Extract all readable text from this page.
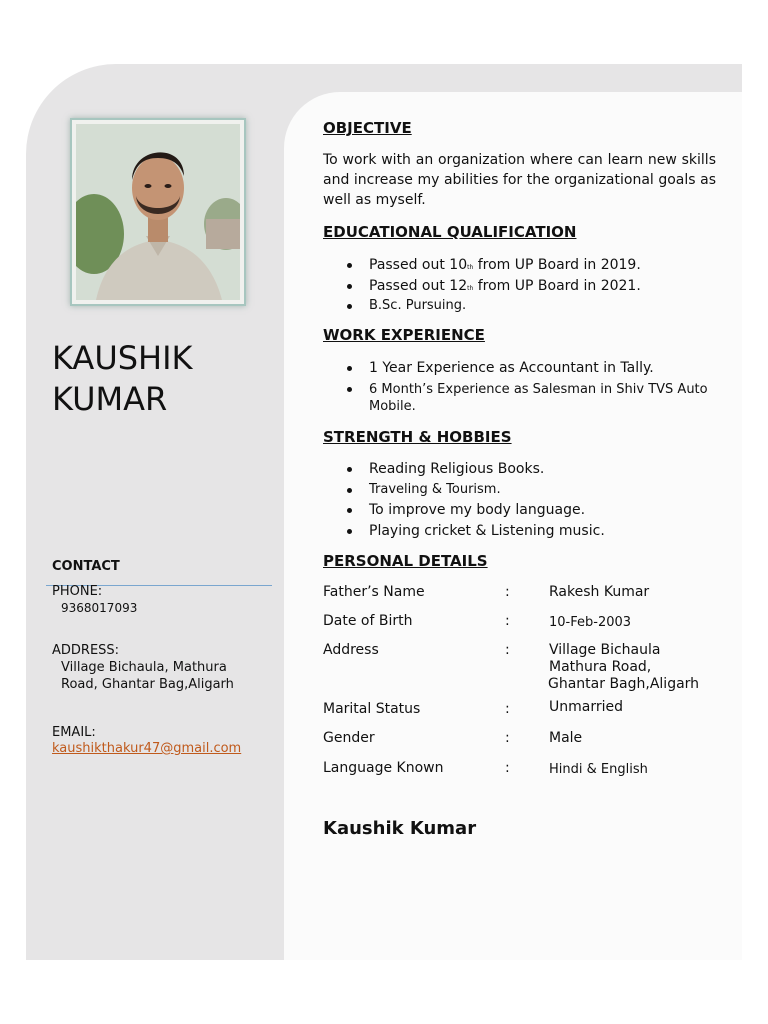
KAUSHIK
KUMAR
CONTACT
PHONE:
9368017093
ADDRESS:
Village Bichaula, Mathura
Road, Ghantar Bag,Aligarh
EMAIL:
kaushikthakur47@gmail.com
OBJECTIVE
To work with an organization where can learn new skills and increase my abilities for the organizational goals as well as myself.
EDUCATIONAL QUALIFICATION
Passed out 10th from UP Board in 2019.
Passed out 12th from UP Board in 2021.
B.Sc. Pursuing.
WORK EXPERIENCE
1 Year Experience as Accountant in Tally.
6 Month’s Experience as Salesman in Shiv TVS Auto Mobile.
STRENGTH & HOBBIES
Reading Religious Books.
Traveling & Tourism.
To improve my body language.
Playing cricket & Listening music.
PERSONAL DETAILS
Father’s Name	:	Rakesh Kumar
Date of Birth	:	10-Feb-2003
Address	:	Village Bichaula
Mathura Road,
Ghantar Bagh,Aligarh
Marital Status	:	Unmarried
Gender	:	Male
Language Known	:	Hindi & English
Kaushik Kumar
